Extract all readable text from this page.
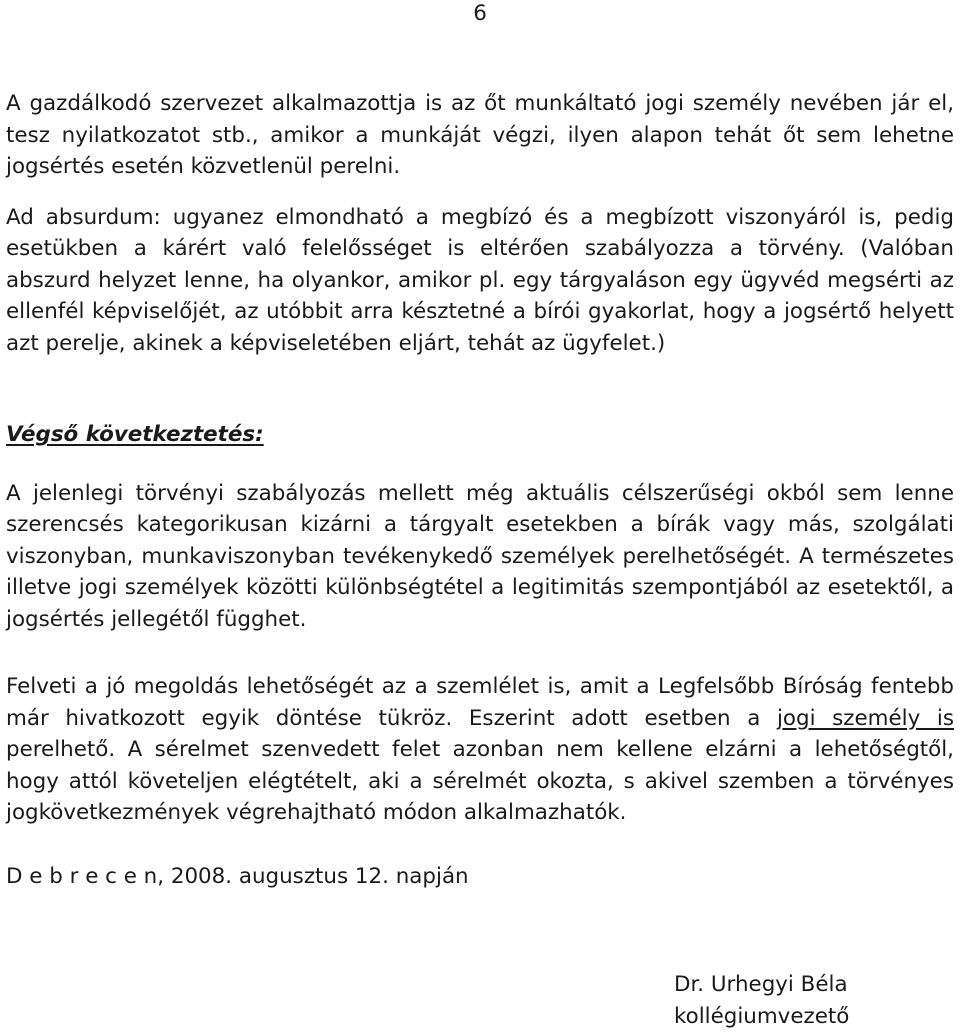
6

A gazdálkodó szervezet alkalmazottja is az őt munkáltató jogi személy nevében jár el, tesz nyilatkozatot stb., amikor a munkáját végzi, ilyen alapon tehát őt sem lehetne jogsértés esetén közvetlenül perelni.

Ad absurdum: ugyanez elmondható a megbízó és a megbízott viszonyáról is, pedig esetükben a kárért való felelősséget is eltérően szabályozza a törvény. (Valóban abszurd helyzet lenne, ha olyankor, amikor pl. egy tárgyaláson egy ügyvéd megsérti az ellenfél képviselőjét, az utóbbit arra késztetné a bírói gyakorlat, hogy a jogsértő helyett azt perelje, akinek a képviseletében eljárt, tehát az ügyfelet.)

Végső következtetés:

A jelenlegi törvényi szabályozás mellett még aktuális célszerűségi okból sem lenne szerencsés kategorikusan kizárni a tárgyalt esetekben a bírák vagy más, szolgálati viszonyban, munkaviszonyban tevékenykedő személyek perelhetőségét. A természetes illetve jogi személyek közötti különbségtétel a legitimitás szempontjából az esetektől, a jogsértés jellegétől függhet.

Felveti a jó megoldás lehetőségét az a szemlélet is, amit a Legfelsőbb Bíróság fentebb már hivatkozott egyik döntése tükröz. Eszerint adott esetben a jogi személy is perelhető. A sérelmet szenvedett felet azonban nem kellene elzárni a lehetőségtől, hogy attól követeljen elégtételt, aki a sérelmét okozta, s akivel szemben a törvényes jogkövetkezmények végrehajtható módon alkalmazhatók.

D e b r e c e n, 2008. augusztus 12. napján
Dr. Urhegyi Béla
kollégiumvezető
